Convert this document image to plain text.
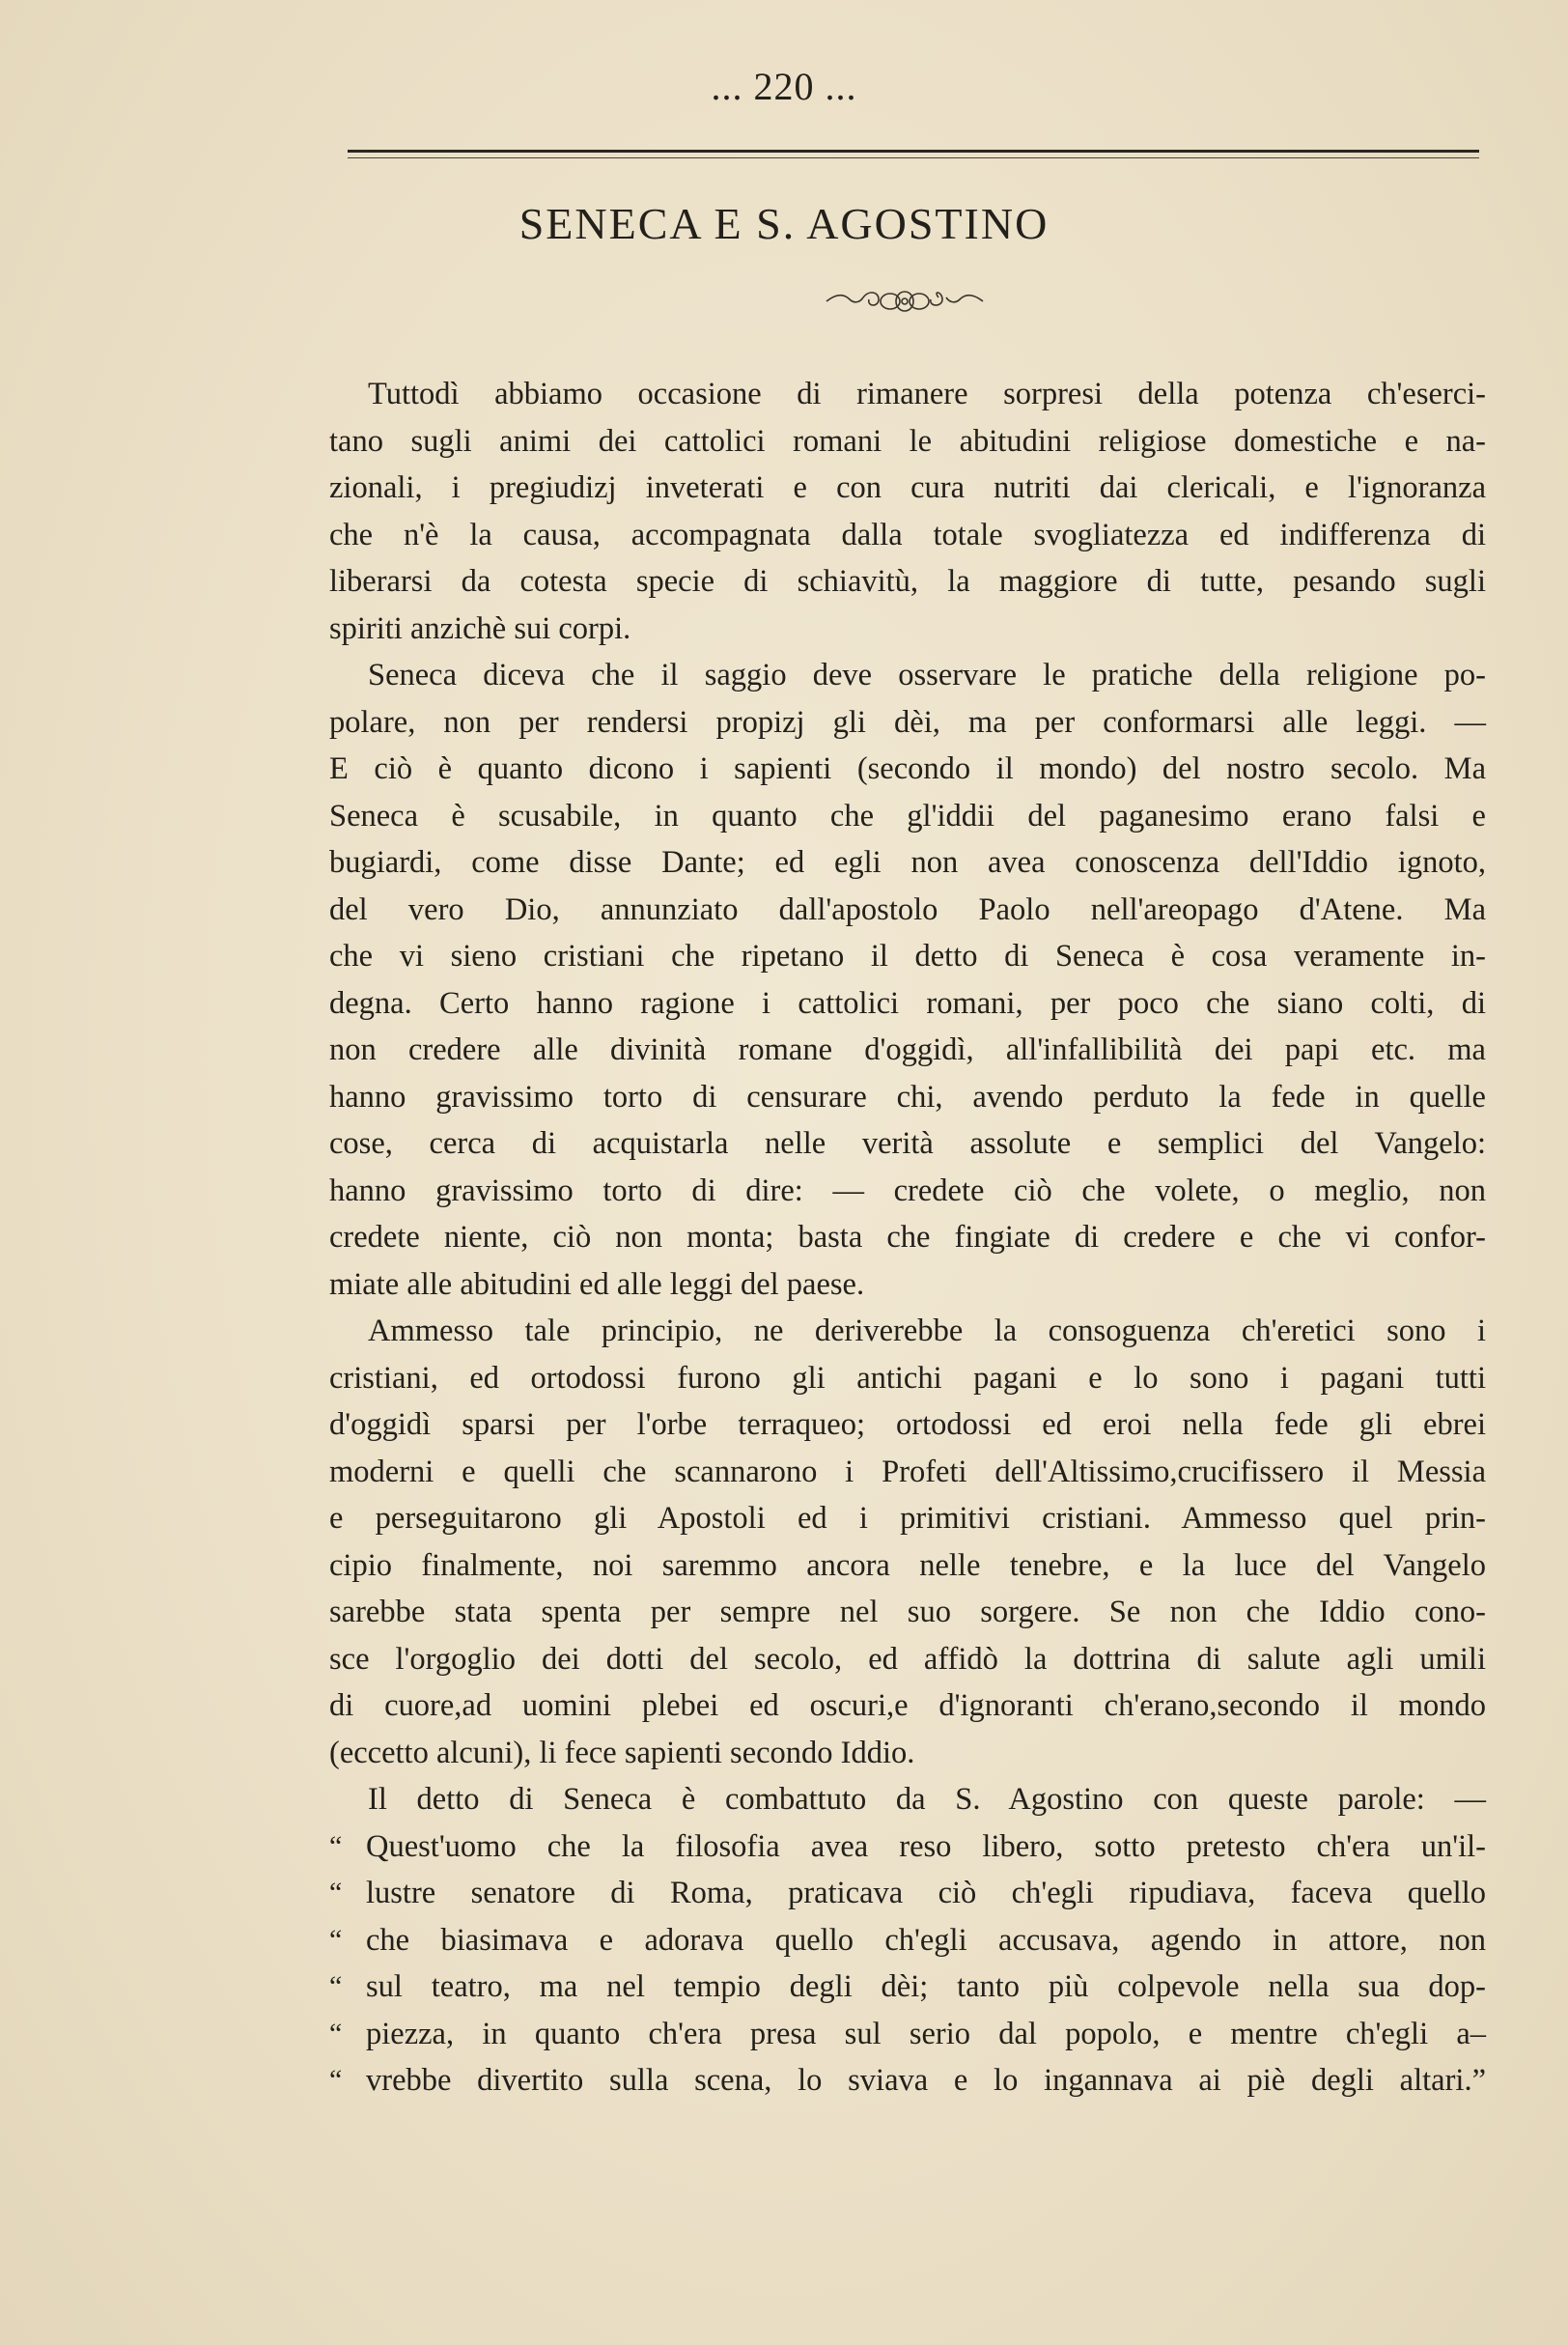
... 220 ...
SENECA E S. AGOSTINO
Tuttodì abbiamo occasione di rimanere sorpresi della potenza ch'eserci-
tano sugli animi dei cattolici romani le abitudini religiose domestiche e na-
zionali, i pregiudizj inveterati e con cura nutriti dai clericali, e l'ignoranza
che n'è la causa, accompagnata dalla totale svogliatezza ed indifferenza di
liberarsi da cotesta specie di schiavitù, la maggiore di tutte, pesando sugli
spiriti anzichè sui corpi.
Seneca diceva che il saggio deve osservare le pratiche della religione po-
polare, non per rendersi propizj gli dèi, ma per conformarsi alle leggi. —
E ciò è quanto dicono i sapienti (secondo il mondo) del nostro secolo. Ma
Seneca è scusabile, in quanto che gl'iddii del paganesimo erano falsi e
bugiardi, come disse Dante; ed egli non avea conoscenza dell'Iddio ignoto,
del vero Dio, annunziato dall'apostolo Paolo nell'areopago d'Atene. Ma
che vi sieno cristiani che ripetano il detto di Seneca è cosa veramente in-
degna. Certo hanno ragione i cattolici romani, per poco che siano colti, di
non credere alle divinità romane d'oggidì, all'infallibilità dei papi etc. ma
hanno gravissimo torto di censurare chi, avendo perduto la fede in quelle
cose, cerca di acquistarla nelle verità assolute e semplici del Vangelo:
hanno gravissimo torto di dire: — credete ciò che volete, o meglio, non
credete niente, ciò non monta; basta che fingiate di credere e che vi confor-
miate alle abitudini ed alle leggi del paese.
Ammesso tale principio, ne deriverebbe la consoguenza ch'eretici sono i
cristiani, ed ortodossi furono gli antichi pagani e lo sono i pagani tutti
d'oggidì sparsi per l'orbe terraqueo; ortodossi ed eroi nella fede gli ebrei
moderni e quelli che scannarono i Profeti dell'Altissimo,crucifissero il Messia
e perseguitarono gli Apostoli ed i primitivi cristiani. Ammesso quel prin-
cipio finalmente, noi saremmo ancora nelle tenebre, e la luce del Vangelo
sarebbe stata spenta per sempre nel suo sorgere. Se non che Iddio cono-
sce l'orgoglio dei dotti del secolo, ed affidò la dottrina di salute agli umili
di cuore,ad uomini plebei ed oscuri,e d'ignoranti ch'erano,secondo il mondo
(eccetto alcuni), li fece sapienti secondo Iddio.
Il detto di Seneca è combattuto da S. Agostino con queste parole: —
“ Quest'uomo che la filosofia avea reso libero, sotto pretesto ch'era un'il-
“ lustre senatore di Roma, praticava ciò ch'egli ripudiava, faceva quello
“ che biasimava e adorava quello ch'egli accusava, agendo in attore, non
“ sul teatro, ma nel tempio degli dèi; tanto più colpevole nella sua dop-
“ piezza, in quanto ch'era presa sul serio dal popolo, e mentre ch'egli a–
“ vrebbe divertito sulla scena, lo sviava e lo ingannava ai piè degli altari.”
